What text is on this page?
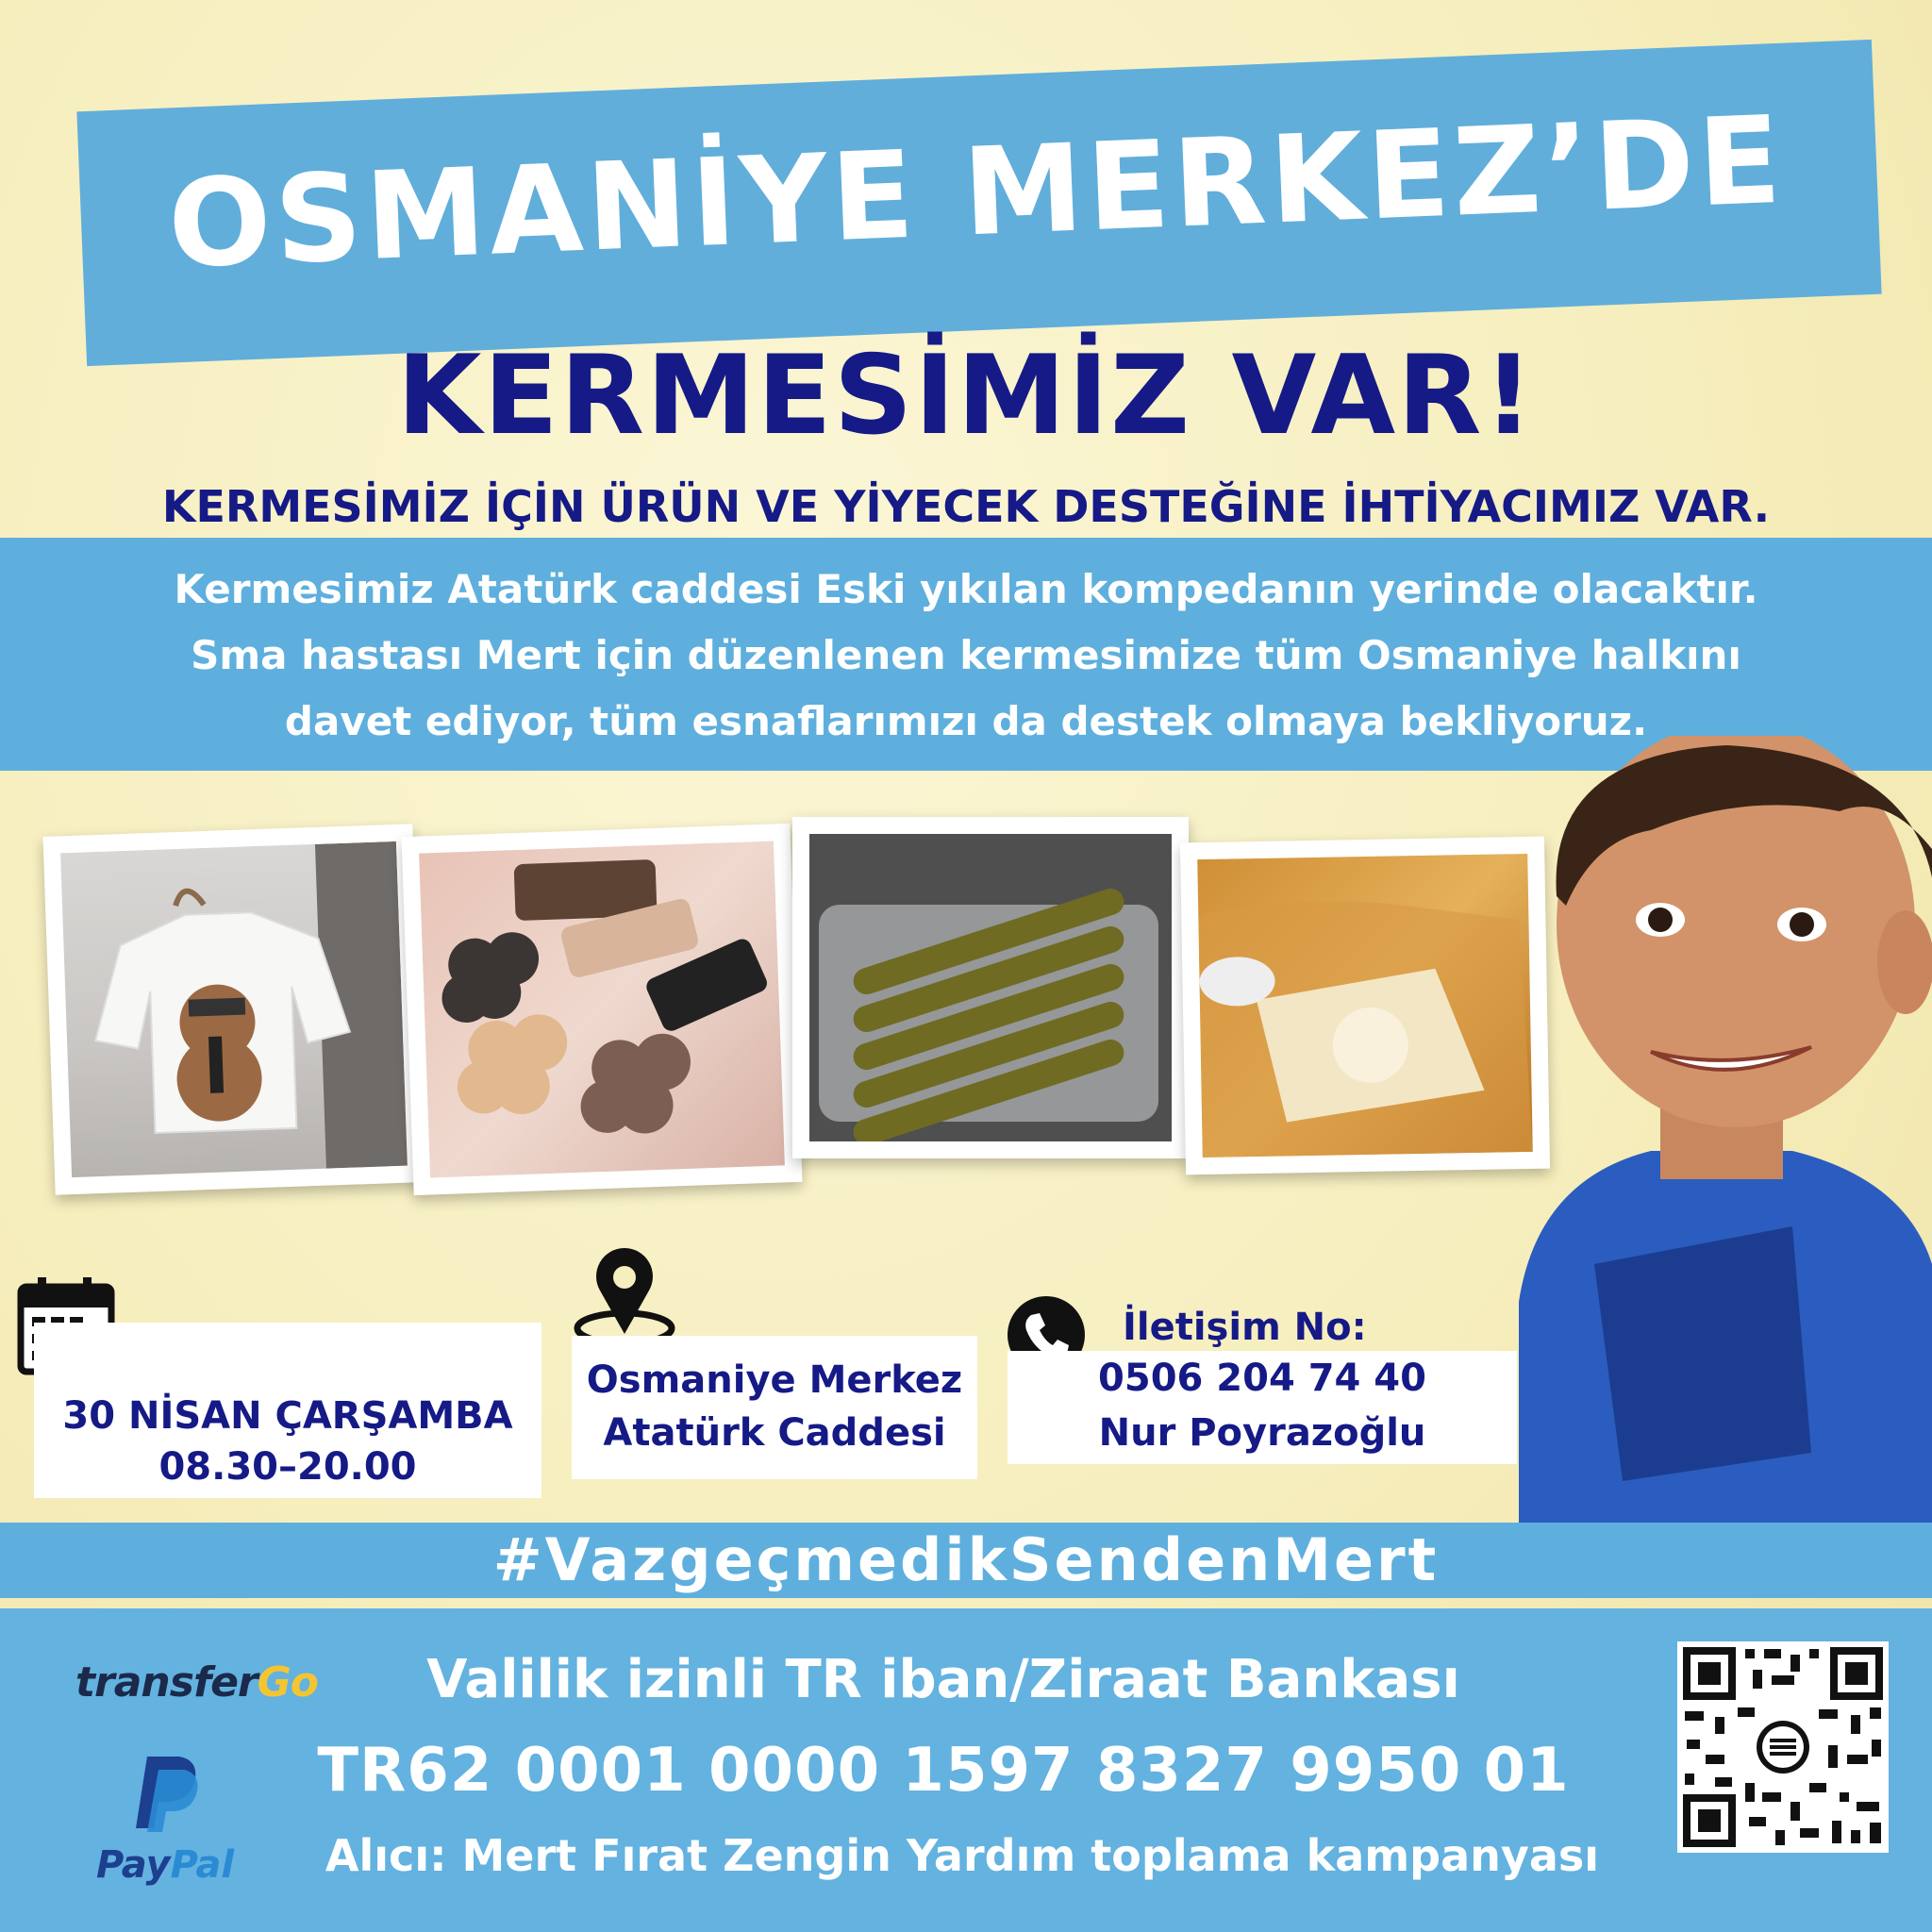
OSMANİYE MERKEZ’DE
KERMESİMİZ VAR!
KERMESİMİZ İÇİN ÜRÜN VE YİYECEK DESTEĞİNE İHTİYACIMIZ VAR.
Kermesimiz Atatürk caddesi Eski yıkılan kompedanın yerinde olacaktır.
Sma hastası Mert için düzenlenen kermesimize tüm Osmaniye halkını
davet ediyor, tüm esnaflarımızı da destek olmaya bekliyoruz.
30 NİSAN ÇARŞAMBA
08.30–20.00
Osmaniye Merkez
Atatürk Caddesi
İletişim No:
0506 204 74 40
Nur Poyrazoğlu
#VazgeçmedikSendenMert
transferGo
PayPal
Valilik izinli TR iban/Ziraat Bankası
TR62 0001 0000 1597 8327 9950 01
Alıcı: Mert Fırat Zengin Yardım toplama kampanyası
